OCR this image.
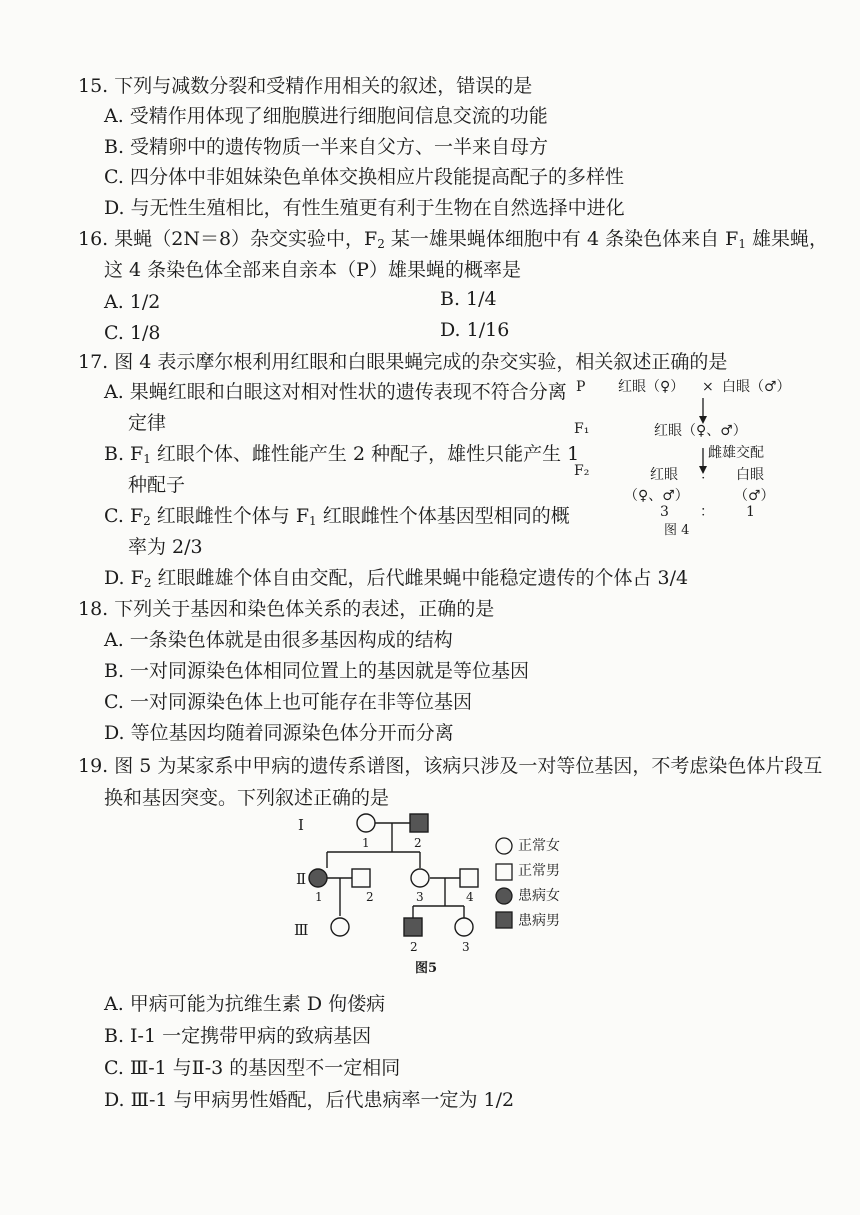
15. 下列与减数分裂和受精作用相关的叙述，错误的是
A. 受精作用体现了细胞膜进行细胞间信息交流的功能
B. 受精卵中的遗传物质一半来自父方、一半来自母方
C. 四分体中非姐妹染色单体交换相应片段能提高配子的多样性
D. 与无性生殖相比，有性生殖更有利于生物在自然选择中进化
16. 果蝇（2N＝8）杂交实验中，$F_2$ 某一雄果蝇体细胞中有 4 条染色体来自 $F_1$ 雄果蝇，
这 4 条染色体全部来自亲本（P）雄果蝇的概率是
A. 1/2	B. 1/4
C. 1/8	D. 1/16
17. 图 4 表示摩尔根利用红眼和白眼果蝇完成的杂交实验，相关叙述正确的是
A. 果蝇红眼和白眼这对相对性状的遗传表现不符合分离
定律
B. $F_1$ 红眼个体、雌性能产生 2 种配子，雄性只能产生 1
种配子
C. $F_2$ 红眼雌性个体与 $F_1$ 红眼雌性个体基因型相同的概
率为 2/3
D. $F_2$ 红眼雌雄个体自由交配，后代雌果蝇中能稳定遗传的个体占 3/4
P 红眼（♀） × 白眼（♂）
F₁	红眼（♀、♂）
雌雄交配
F₂	红眼 ： 白眼
（♀、♂）	（♂）
3 ： 1
图 4
18. 下列关于基因和染色体关系的表述，正确的是
A. 一条染色体就是由很多基因构成的结构
B. 一对同源染色体相同位置上的基因就是等位基因
C. 一对同源染色体上也可能存在非等位基因
D. 等位基因均随着同源染色体分开而分离
19. 图 5 为某家系中甲病的遗传系谱图，该病只涉及一对等位基因，不考虑染色体片段互
换和基因突变。下列叙述正确的是
Ⅰ
Ⅱ
Ⅲ
1	2
1	2	3	4
2	3
正常女
正常男
患病女
患病男
图5
A. 甲病可能为抗维生素 D 佝偻病
B. Ⅰ-1 一定携带甲病的致病基因
C. Ⅲ-1 与Ⅱ-3 的基因型不一定相同
D. Ⅲ-1 与甲病男性婚配，后代患病率一定为 1/2
